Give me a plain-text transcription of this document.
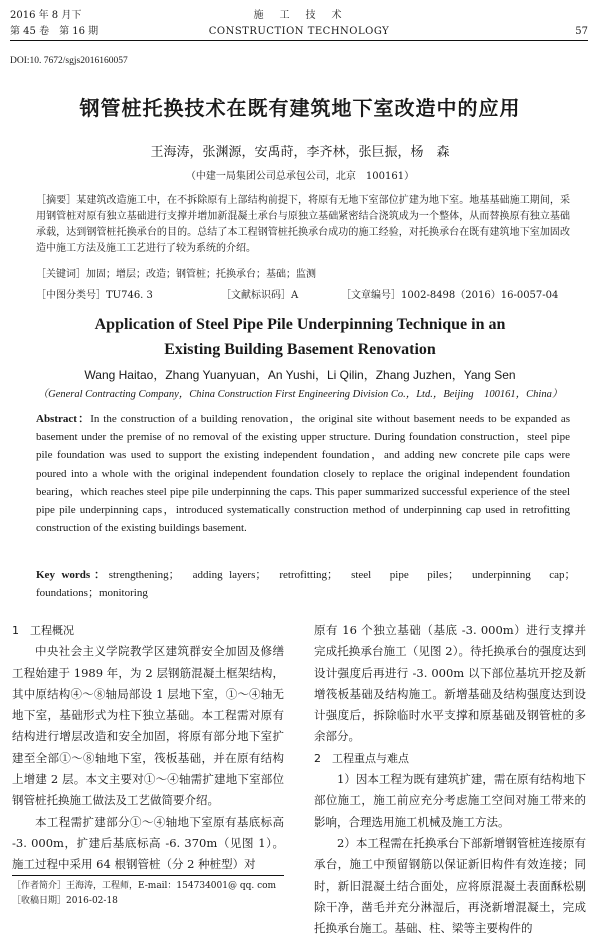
2016 年 8 月下	施　工　技　术
第 45 卷　第 16 期	CONSTRUCTION TECHNOLOGY	57
DOI:10. 7672/sgjs2016160057
钢管桩托换技术在既有建筑地下室改造中的应用
王海涛，张渊源，安禹莳，李齐林，张巨振，杨　森
（中建一局集团公司总承包公司，北京　100161）
［摘要］某建筑改造施工中，在不拆除原有上部结构前提下，将原有无地下室部位扩建为地下室。地基基础施工期间，采用钢管桩对原有独立基础进行支撑并增加新混凝土承台与原独立基础紧密结合浇筑成为一个整体，从而替换原有独立基础承载，达到钢管桩托换承台的目的。总结了本工程钢管桩托换承台成功的施工经验，对托换承台在既有建筑地下室加固改造中施工方法及施工工艺进行了较为系统的介绍。
［关键词］加固；增层；改造；钢管桩；托换承台；基础；监测
［中图分类号］TU746. 3	［文献标识码］A	［文章编号］1002-8498（2016）16-0057-04
Application of Steel Pipe Pile Underpinning Technique in an
Existing Building Basement Renovation
Wang Haitao，Zhang Yuanyuan，An Yushi，Li Qilin，Zhang Juzhen，Yang Sen
（General Contracting Company，China Construction First Engineering Division Co.，Ltd.，Beijing　100161，China）
Abstract：In the construction of a building renovation，the original site without basement needs to be expanded as basement under the premise of no removal of the existing upper structure. During foundation construction，steel pipe pile foundation was used to support the existing independent foundation，and adding new concrete pile caps were poured into a whole with the original independent foundation closely to replace the original independent foundation bearing，which reaches steel pipe pile underpinning the caps. This paper summarized successful experience of the steel pipe pile underpinning caps，introduced systematically construction method of underpinning cap used in retrofitting construction of the existing buildings basement.
Key words：strengthening；　adding layers；　retrofitting；　steel　pipe　piles；　underpinning　cap；　foundations；monitoring
1　工程概况
中央社会主义学院教学区建筑群安全加固及修缮工程始建于 1989 年，为 2 层钢筋混凝土框架结构，其中原结构④～⑧轴局部设 1 层地下室，①～④轴无地下室，基础形式为柱下独立基础。本工程需对原有结构进行增层改造和安全加固，将原有部分地下室扩建至全部①～⑧轴地下室，筏板基础，并在原有结构上增建 2 层。本文主要对①～④轴需扩建地下室部位钢管桩托换施工做法及工艺做简要介绍。
本工程需扩建部分①～④轴地下室原有基底标高 -3. 000m，扩建后基底标高 -6. 370m（见图 1）。施工过程中采用 64 根钢管桩（分 2 种桩型）对
原有 16 个独立基础（基底 -3. 000m）进行支撑并完成托换承台施工（见图 2）。待托换承台的强度达到设计强度后再进行 -3. 000m 以下部位基坑开挖及新增筏板基础及结构施工。新增基础及结构强度达到设计强度后，拆除临时水平支撑和原基础及钢管桩的多余部分。
2　工程重点与难点
1）因本工程为既有建筑扩建，需在原有结构地下部位施工，施工前应充分考虑施工空间对施工带来的影响，合理选用施工机械及施工方法。
2）本工程需在托换承台下部新增钢管桩连接原有承台，施工中预留钢筋以保证新旧构件有效连接；同时，新旧混凝土结合面处，应将原混凝土表面酥松剔除干净，凿毛并充分淋湿后，再浇新增混凝土，完成托换承台施工。基础、柱、梁等主要构件的
［作者简介］王海涛，工程师，E-mail：154734001@ qq. com
［收稿日期］2016-02-18
